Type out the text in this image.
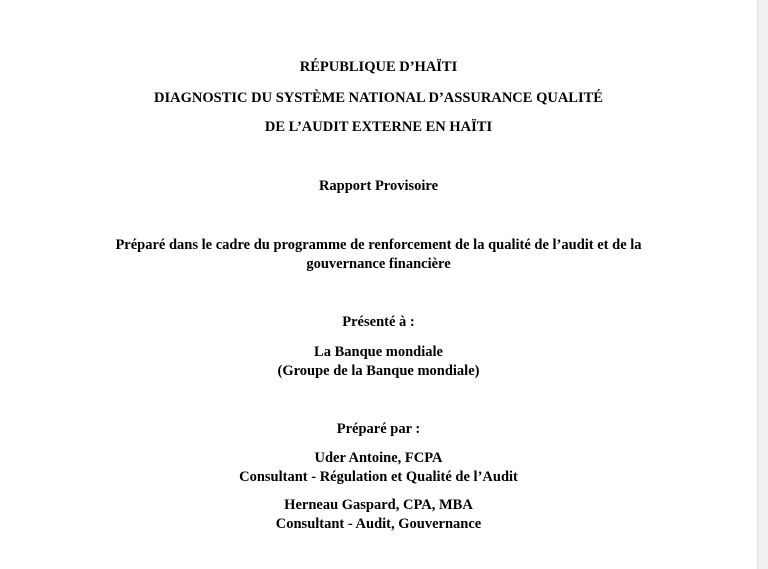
RÉPUBLIQUE D’HAÏTI

DIAGNOSTIC DU SYSTÈME NATIONAL D’ASSURANCE QUALITÉ

DE L’AUDIT EXTERNE EN HAÏTI

Rapport Provisoire

Préparé dans le cadre du programme de renforcement de la qualité de l’audit et de la

gouvernance financière

Présenté à :

La Banque mondiale

(Groupe de la Banque mondiale)

Préparé par :

Uder Antoine, FCPA

Consultant - Régulation et Qualité de l’Audit

Herneau Gaspard, CPA, MBA

Consultant - Audit, Gouvernance
